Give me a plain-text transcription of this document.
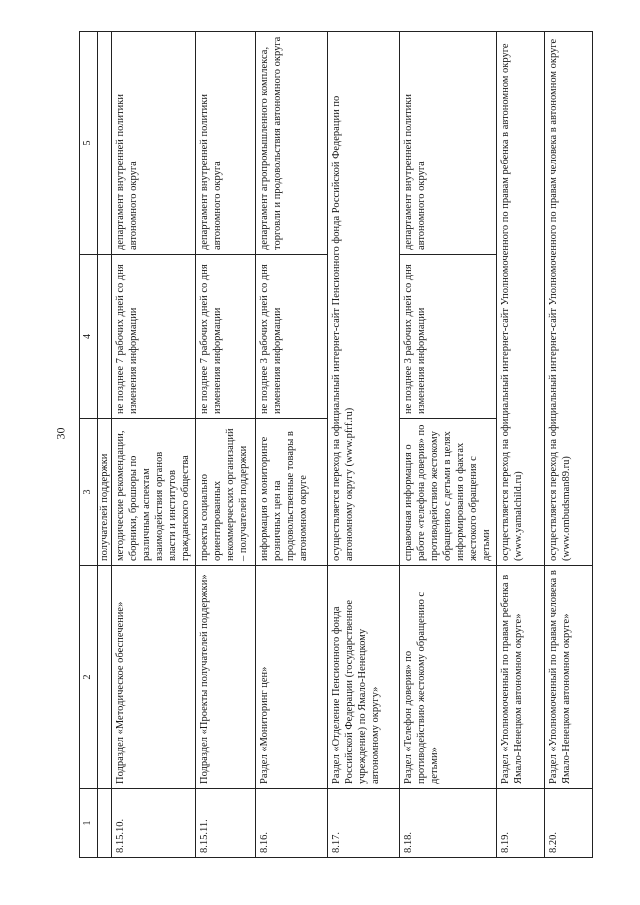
30
1	2	3	4	5
		получателей поддержки		
8.15.10.	Подраздел «Методическое обеспечение»	методические рекомендации, сборники, брошюры по различным аспектам взаимодействия органов власти и институтов гражданского общества	не позднее 7 рабочих дней со дня изменения информации	департамент внутренней политики автономного округа
8.15.11.	Подраздел «Проекты получателей поддержки»	проекты социально ориентированных некоммерческих организаций – получателей поддержки	не позднее 7 рабочих дней со дня изменения информации	департамент внутренней политики автономного округа
8.16.	Раздел «Мониторинг цен»	информация о мониторинге розничных цен на продовольственные товары в автономном округе	не позднее 3 рабочих дней со дня изменения информации	департамент агропромышленного комплекса, торговли и продовольствия автономного округа
8.17.	Раздел «Отделение Пенсионного фонда Российской Федерации (государственное учреждение) по Ямало-Ненецкому автономному округу»	осуществляется переход на официальный интернет-сайт Пенсионного фонда Российской Федерации по автономному округу (www.pfrf.ru)		
8.18.	Раздел «Телефон доверия» по противодействию жестокому обращению с детьми»	справочная информация о работе «телефона доверия» по противодействию жестокому обращению с детьми в целях информирования о фактах жестокого обращения с детьми	не позднее 3 рабочих дней со дня изменения информации	департамент внутренней политики автономного округа
8.19.	Раздел «Уполномоченный по правам ребенка в Ямало-Ненецком автономном округе»	осуществляется переход на официальный интернет-сайт Уполномоченного по правам ребенка в автономном округе (www.yamalchild.ru)		
8.20.	Раздел «Уполномоченный по правам человека в Ямало-Ненецком автономном округе»	осуществляется переход на официальный интернет-сайт Уполномоченного по правам человека в автономном округе (www.ombudsman89.ru)		
